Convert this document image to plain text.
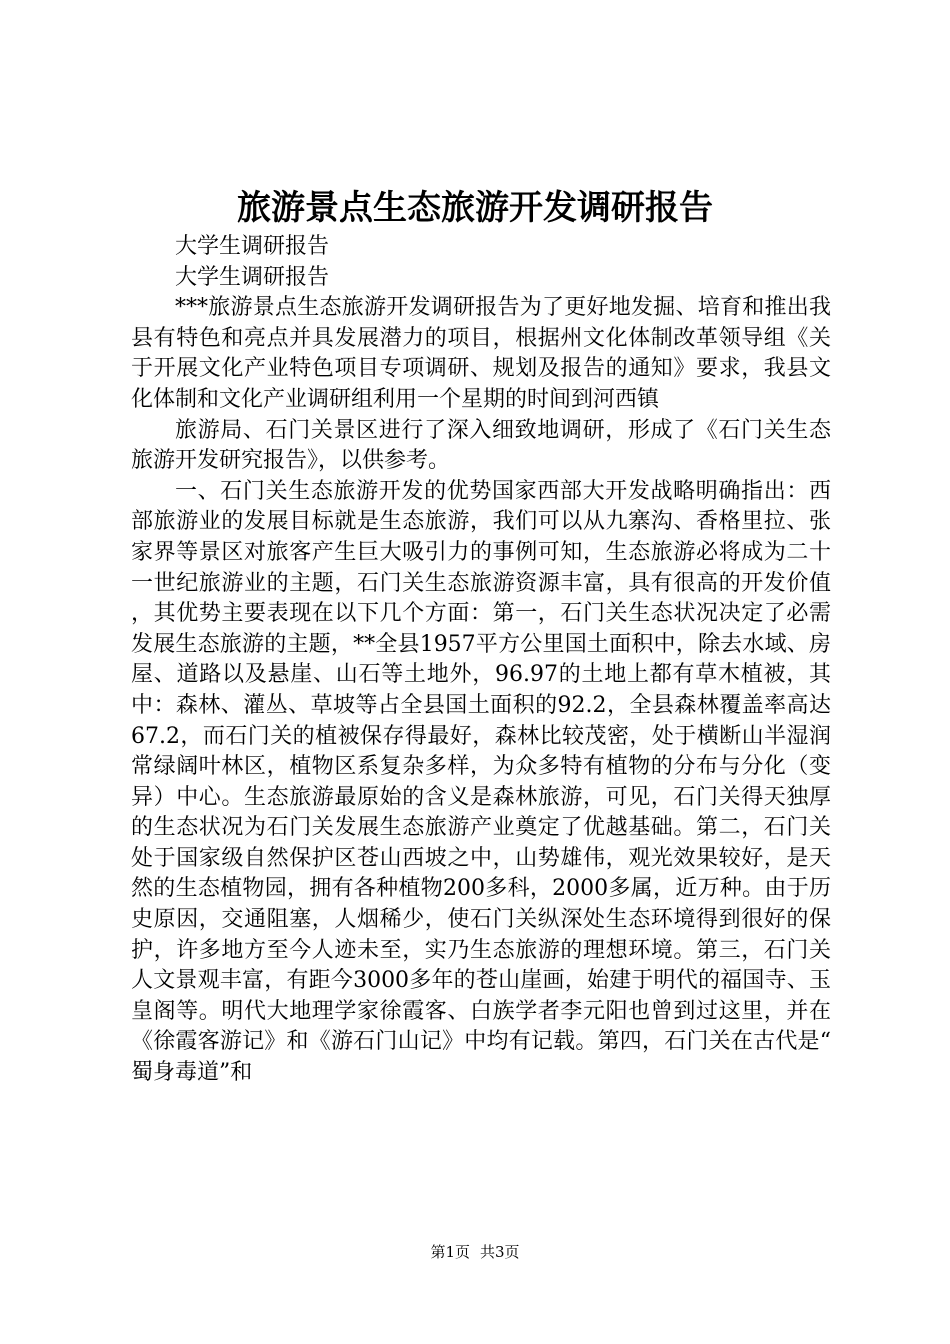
旅游景点生态旅游开发调研报告

大学生调研报告

大学生调研报告

***旅游景点生态旅游开发调研报告为了更好地发掘、培育和推出我县有特色和亮点并具发展潜力的项目，根据州文化体制改革领导组《关于开展文化产业特色项目专项调研、规划及报告的通知》要求，我县文化体制和文化产业调研组利用一个星期的时间到河西镇

旅游局、石门关景区进行了深入细致地调研，形成了《石门关生态旅游开发研究报告》，以供参考。

一、石门关生态旅游开发的优势国家西部大开发战略明确指出：西部旅游业的发展目标就是生态旅游，我们可以从九寨沟、香格里拉、张家界等景区对旅客产生巨大吸引力的事例可知，生态旅游必将成为二十一世纪旅游业的主题，石门关生态旅游资源丰富，具有很高的开发价值，其优势主要表现在以下几个方面：第一，石门关生态状况决定了必需发展生态旅游的主题，**全县1957平方公里国土面积中，除去水域、房屋、道路以及悬崖、山石等土地外，96.97的土地上都有草木植被，其中：森林、灌丛、草坡等占全县国土面积的92.2，全县森林覆盖率高达67.2，而石门关的植被保存得最好，森林比较茂密，处于横断山半湿润常绿阔叶林区，植物区系复杂多样，为众多特有植物的分布与分化（变异）中心。生态旅游最原始的含义是森林旅游，可见，石门关得天独厚的生态状况为石门关发展生态旅游产业奠定了优越基础。第二，石门关处于国家级自然保护区苍山西坡之中，山势雄伟，观光效果较好，是天然的生态植物园，拥有各种植物200多科，2000多属，近万种。由于历史原因，交通阻塞，人烟稀少，使石门关纵深处生态环境得到很好的保护，许多地方至今人迹未至，实乃生态旅游的理想环境。第三，石门关人文景观丰富，有距今3000多年的苍山崖画，始建于明代的福国寺、玉皇阁等。明代大地理学家徐霞客、白族学者李元阳也曾到过这里，并在《徐霞客游记》和《游石门山记》中均有记载。第四，石门关在古代是“蜀身毒道”和

第1页 共3页
